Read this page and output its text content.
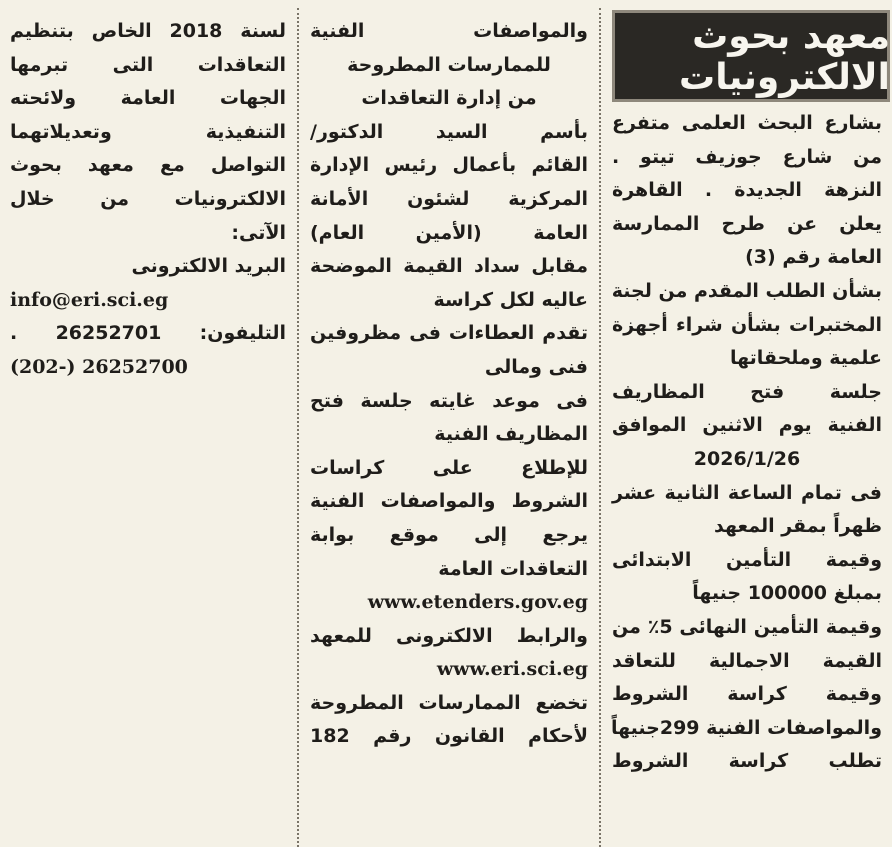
معهد بحوث الالكترونيات
بشارع البحث العلمى متفرع
من شارع جوزيف تيتو .
النزهة الجديدة . القاهرة
يعلن عن طرح الممارسة
العامة رقم (3)
بشأن الطلب المقدم من لجنة
المختبرات بشأن شراء أجهزة
علمية وملحقاتها
جلسة فتح المظاريف
الفنية يوم الاثنين الموافق
2026/1/26
فى تمام الساعة الثانية عشر
ظهراً بمقر المعهد
وقيمة التأمين الابتدائى
بمبلغ 100000 جنيهاً
وقيمة التأمين النهائى 5٪ من
القيمة الاجمالية للتعاقد
وقيمة كراسة الشروط
والمواصفات الفنية 299جنيهاً
تطلب كراسة الشروط
والمواصفات الفنية
للممارسات المطروحة
من إدارة التعاقدات
بأسم السيد الدكتور/
القائم بأعمال رئيس الإدارة
المركزية لشئون الأمانة
العامة (الأمين العام)
مقابل سداد القيمة الموضحة
عاليه لكل كراسة
تقدم العطاءات فى مظروفين
فنى ومالى
فى موعد غايته جلسة فتح
المظاريف الفنية
للإطلاع على كراسات
الشروط والمواصفات الفنية
يرجع إلى موقع بوابة
التعاقدات العامة
www.etenders.gov.eg
والرابط الالكترونى للمعهد
www.eri.sci.eg
تخضع الممارسات المطروحة
لأحكام القانون رقم 182
لسنة 2018 الخاص بتنظيم
التعاقدات التى تبرمها
الجهات العامة ولائحته
التنفيذية وتعديلاتهما
التواصل مع معهد بحوث
الالكترونيات من خلال
الآتى:
البريد الالكترونى
info@eri.sci.eg
التليفون: 26252701 .
(202-) 26252700
